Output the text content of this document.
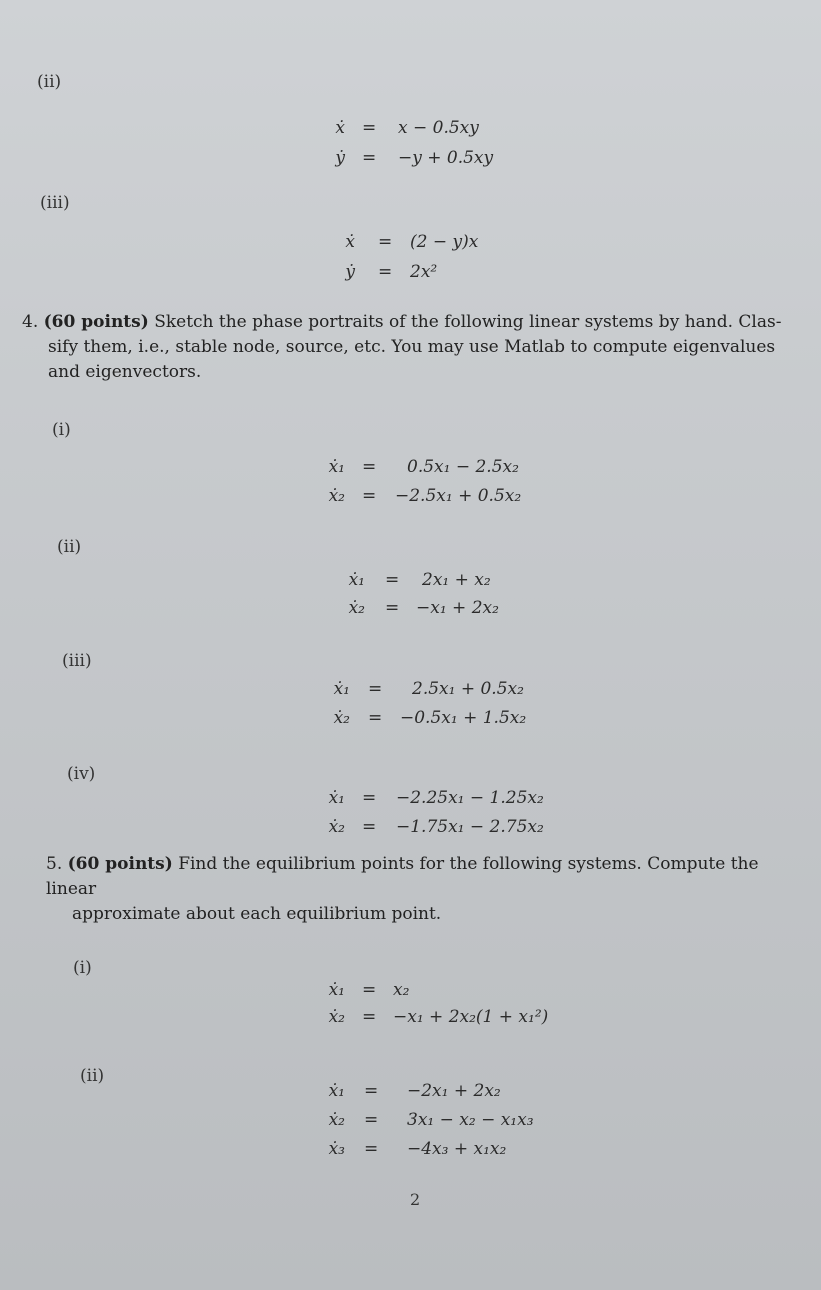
(ii)
ẋ = x − 0.5xy
ẏ = −y + 0.5xy
(iii)
ẋ = (2 − y)x
ẏ = 2x²
4. (60 points) Sketch the phase portraits of the following linear systems by hand. Clas-
sify them, i.e., stable node, source, etc. You may use Matlab to compute eigenvalues
and eigenvectors.
(i)
ẋ₁ = 0.5x₁ − 2.5x₂
ẋ₂ = −2.5x₁ + 0.5x₂
(ii)
ẋ₁ = 2x₁ + x₂
ẋ₂ = −x₁ + 2x₂
(iii)
ẋ₁ = 2.5x₁ + 0.5x₂
ẋ₂ = −0.5x₁ + 1.5x₂
(iv)
ẋ₁ = −2.25x₁ − 1.25x₂
ẋ₂ = −1.75x₁ − 2.75x₂
5. (60 points) Find the equilibrium points for the following systems. Compute the linear
approximate about each equilibrium point.
(i)
ẋ₁ = x₂
ẋ₂ = −x₁ + 2x₂(1 + x₁²)
(ii)
ẋ₁ = −2x₁ + 2x₂
ẋ₂ = 3x₁ − x₂ − x₁x₃
ẋ₃ = −4x₃ + x₁x₂
2
